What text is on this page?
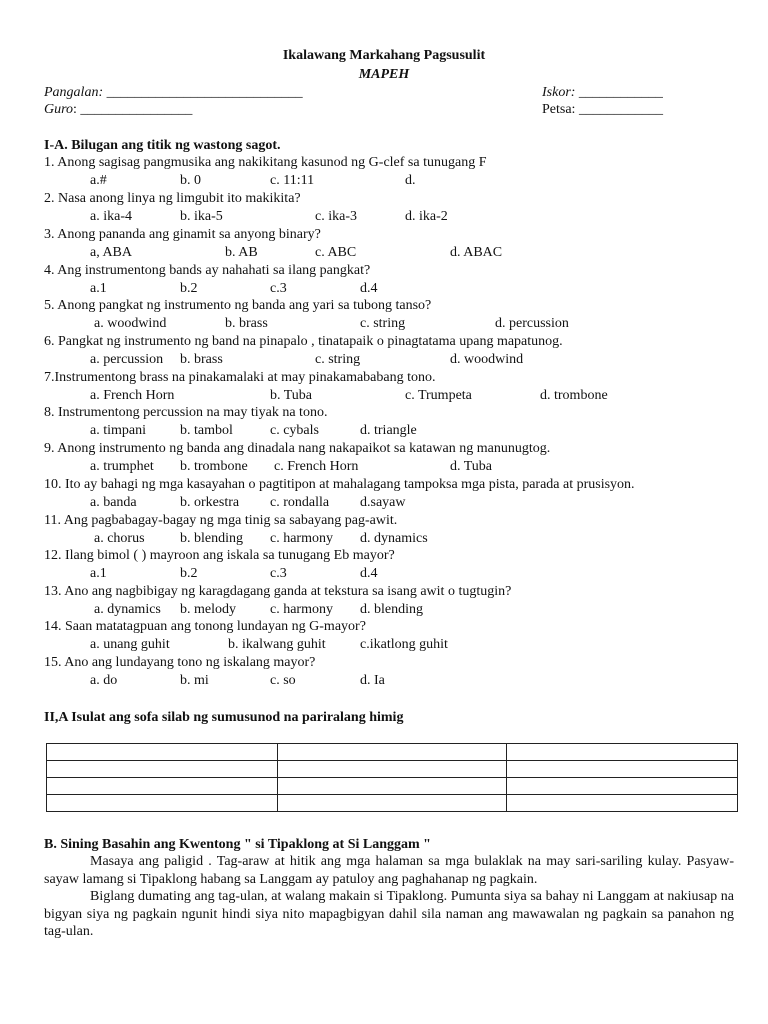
Ikalawang Markahang Pagsusulit
MAPEH
Pangalan: ____________________________	Iskor: ____________
Guro: ________________	Petsa: ____________
I-A. Bilugan ang titik ng wastong sagot.
1. Anong sagisag pangmusika ang nakikitang kasunod ng G-clef sa tunugang F
a.#	b. 0	c. 11:11	d.
2. Nasa anong linya ng limgubit ito makikita?
a. ika-4	b. ika-5	c. ika-3	d. ika-2
3. Anong pananda ang ginamit sa anyong binary?
a, ABA	b. AB	c. ABC	d. ABAC
4. Ang instrumentong bands ay nahahati sa ilang pangkat?
a.1	b.2	c.3	d.4
5. Anong pangkat ng instrumento ng banda ang yari sa tubong tanso?
a. woodwind	b. brass	c. string	d. percussion
6. Pangkat ng instrumento ng band na pinapalo , tinatapaik o pinagtatama upang mapatunog.
a. percussion b. brass	c. string	d. woodwind
7.Instrumentong brass na pinakamalaki at may pinakamababang tono.
a. French Horn	b. Tuba	c. Trumpeta	d. trombone
8. Instrumentong percussion na may tiyak na tono.
a. timpani b. tambol	c. cybals	d. triangle
9. Anong instrumento ng banda ang dinadala nang nakapaikot sa katawan ng manunugtog.
a. trumphet b. trombone c. French Horn	d. Tuba
10. Ito ay bahagi ng mga kasayahan o pagtitipon at mahalagang tampoksa mga pista, parada at prusisyon.
a. banda	b. orkestra c. rondalla d.sayaw
11. Ang pagbabagay-bagay ng mga tinig sa sabayang pag-awit.
a. chorus	b. blending c. harmony d. dynamics
12. Ilang bimol ( ) mayroon ang iskala sa tunugang Eb mayor?
a.1	b.2	c.3	d.4
13. Ano ang nagbibigay ng karagdagang ganda at tekstura sa isang awit o tugtugin?
a. dynamics b. melody c. harmony d. blending
14. Saan matatagpuan ang tonong lundayan ng G-mayor?
a. unang guhit	b. ikalwang guhit c.ikatlong guhit
15. Ano ang lundayang tono ng iskalang mayor?
a. do	b. mi	c. so	d. Ia
II,A Isulat ang sofa silab ng sumusunod na pariralang himig

B. Sining Basahin ang Kwentong " si Tipaklong at Si Langgam "
Masaya ang paligid . Tag-araw at hitik ang mga halaman sa mga bulaklak na may sari-sariling kulay. Pasyaw-sayaw lamang si Tipaklong habang sa Langgam ay patuloy ang paghahanap ng pagkain.
Biglang dumating ang tag-ulan, at walang makain si Tipaklong. Pumunta siya sa bahay ni Langgam at nakiusap na bigyan siya ng pagkain ngunit hindi siya nito mapagbigyan dahil sila naman ang mawawalan ng pagkain sa panahon ng tag-ulan.
